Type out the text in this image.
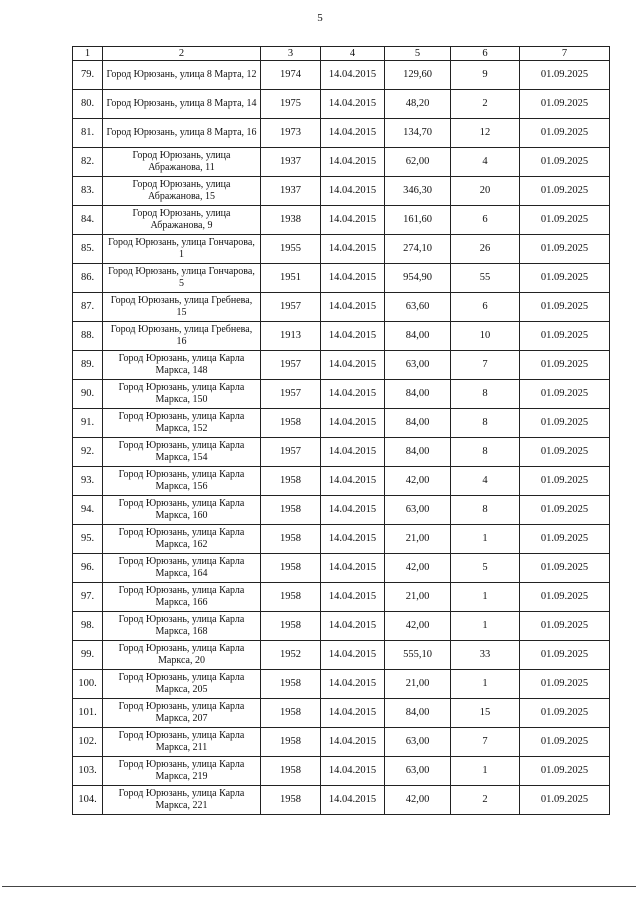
5
1	2	3	4	5	6	7
79.	Город Юрюзань, улица 8 Марта, 12	1974	14.04.2015	129,60	9	01.09.2025
80.	Город Юрюзань, улица 8 Марта, 14	1975	14.04.2015	48,20	2	01.09.2025
81.	Город Юрюзань, улица 8 Марта, 16	1973	14.04.2015	134,70	12	01.09.2025
82.	Город Юрюзань, улица Абражанова, 11	1937	14.04.2015	62,00	4	01.09.2025
83.	Город Юрюзань, улица Абражанова, 15	1937	14.04.2015	346,30	20	01.09.2025
84.	Город Юрюзань, улица Абражанова, 9	1938	14.04.2015	161,60	6	01.09.2025
85.	Город Юрюзань, улица Гончарова, 1	1955	14.04.2015	274,10	26	01.09.2025
86.	Город Юрюзань, улица Гончарова, 5	1951	14.04.2015	954,90	55	01.09.2025
87.	Город Юрюзань, улица Гребнева, 15	1957	14.04.2015	63,60	6	01.09.2025
88.	Город Юрюзань, улица Гребнева, 16	1913	14.04.2015	84,00	10	01.09.2025
89.	Город Юрюзань, улица Карла Маркса, 148	1957	14.04.2015	63,00	7	01.09.2025
90.	Город Юрюзань, улица Карла Маркса, 150	1957	14.04.2015	84,00	8	01.09.2025
91.	Город Юрюзань, улица Карла Маркса, 152	1958	14.04.2015	84,00	8	01.09.2025
92.	Город Юрюзань, улица Карла Маркса, 154	1957	14.04.2015	84,00	8	01.09.2025
93.	Город Юрюзань, улица Карла Маркса, 156	1958	14.04.2015	42,00	4	01.09.2025
94.	Город Юрюзань, улица Карла Маркса, 160	1958	14.04.2015	63,00	8	01.09.2025
95.	Город Юрюзань, улица Карла Маркса, 162	1958	14.04.2015	21,00	1	01.09.2025
96.	Город Юрюзань, улица Карла Маркса, 164	1958	14.04.2015	42,00	5	01.09.2025
97.	Город Юрюзань, улица Карла Маркса, 166	1958	14.04.2015	21,00	1	01.09.2025
98.	Город Юрюзань, улица Карла Маркса, 168	1958	14.04.2015	42,00	1	01.09.2025
99.	Город Юрюзань, улица Карла Маркса, 20	1952	14.04.2015	555,10	33	01.09.2025
100.	Город Юрюзань, улица Карла Маркса, 205	1958	14.04.2015	21,00	1	01.09.2025
101.	Город Юрюзань, улица Карла Маркса, 207	1958	14.04.2015	84,00	15	01.09.2025
102.	Город Юрюзань, улица Карла Маркса, 211	1958	14.04.2015	63,00	7	01.09.2025
103.	Город Юрюзань, улица Карла Маркса, 219	1958	14.04.2015	63,00	1	01.09.2025
104.	Город Юрюзань, улица Карла Маркса, 221	1958	14.04.2015	42,00	2	01.09.2025
